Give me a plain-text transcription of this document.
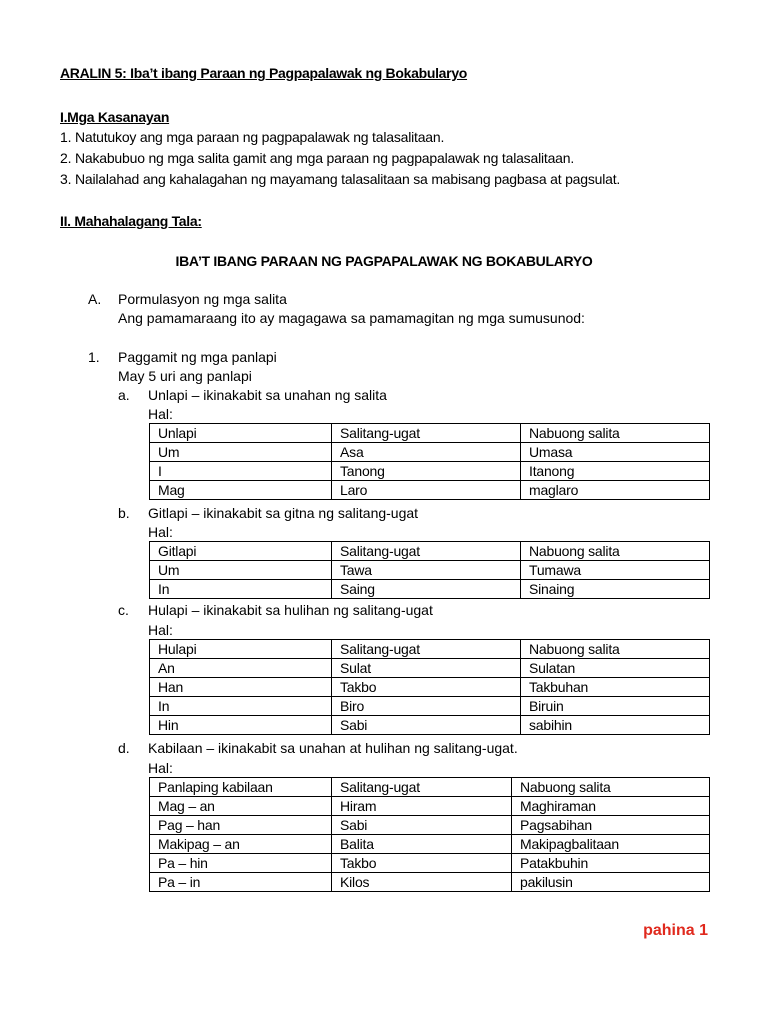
ARALIN 5: Iba’t ibang Paraan ng Pagpapalawak ng Bokabularyo
I.Mga Kasanayan
1. Natutukoy ang mga paraan ng pagpapalawak ng talasalitaan.
2. Nakabubuo ng mga salita gamit ang mga paraan ng pagpapalawak ng talasalitaan.
3. Nailalahad ang kahalagahan ng mayamang talasalitaan sa mabisang pagbasa at pagsulat.
II. Mahahalagang Tala:
IBA’T IBANG PARAAN NG PAGPAPALAWAK NG BOKABULARYO
A.	Pormulasyon ng mga salita
Ang pamamaraang ito ay magagawa sa pamamagitan ng mga sumusunod:
1.	Paggamit ng mga panlapi
May 5 uri ang panlapi
a.	Unlapi – ikinakabit sa unahan ng salita
Hal:
Unlapi	Salitang-ugat	Nabuong salita
Um	Asa	Umasa
I	Tanong	Itanong
Mag	Laro	maglaro
b.	Gitlapi – ikinakabit sa gitna ng salitang-ugat
Hal:
Gitlapi	Salitang-ugat	Nabuong salita
Um	Tawa	Tumawa
In	Saing	Sinaing
c.	Hulapi – ikinakabit sa hulihan ng salitang-ugat
Hal:
Hulapi	Salitang-ugat	Nabuong salita
An	Sulat	Sulatan
Han	Takbo	Takbuhan
In	Biro	Biruin
Hin	Sabi	sabihin
d.	Kabilaan – ikinakabit sa unahan at hulihan ng salitang-ugat.
Hal:
Panlaping kabilaan	Salitang-ugat	Nabuong salita
Mag – an	Hiram	Maghiraman
Pag – han	Sabi	Pagsabihan
Makipag – an	Balita	Makipagbalitaan
Pa – hin	Takbo	Patakbuhin
Pa – in	Kilos	pakilusin
pahina 1
